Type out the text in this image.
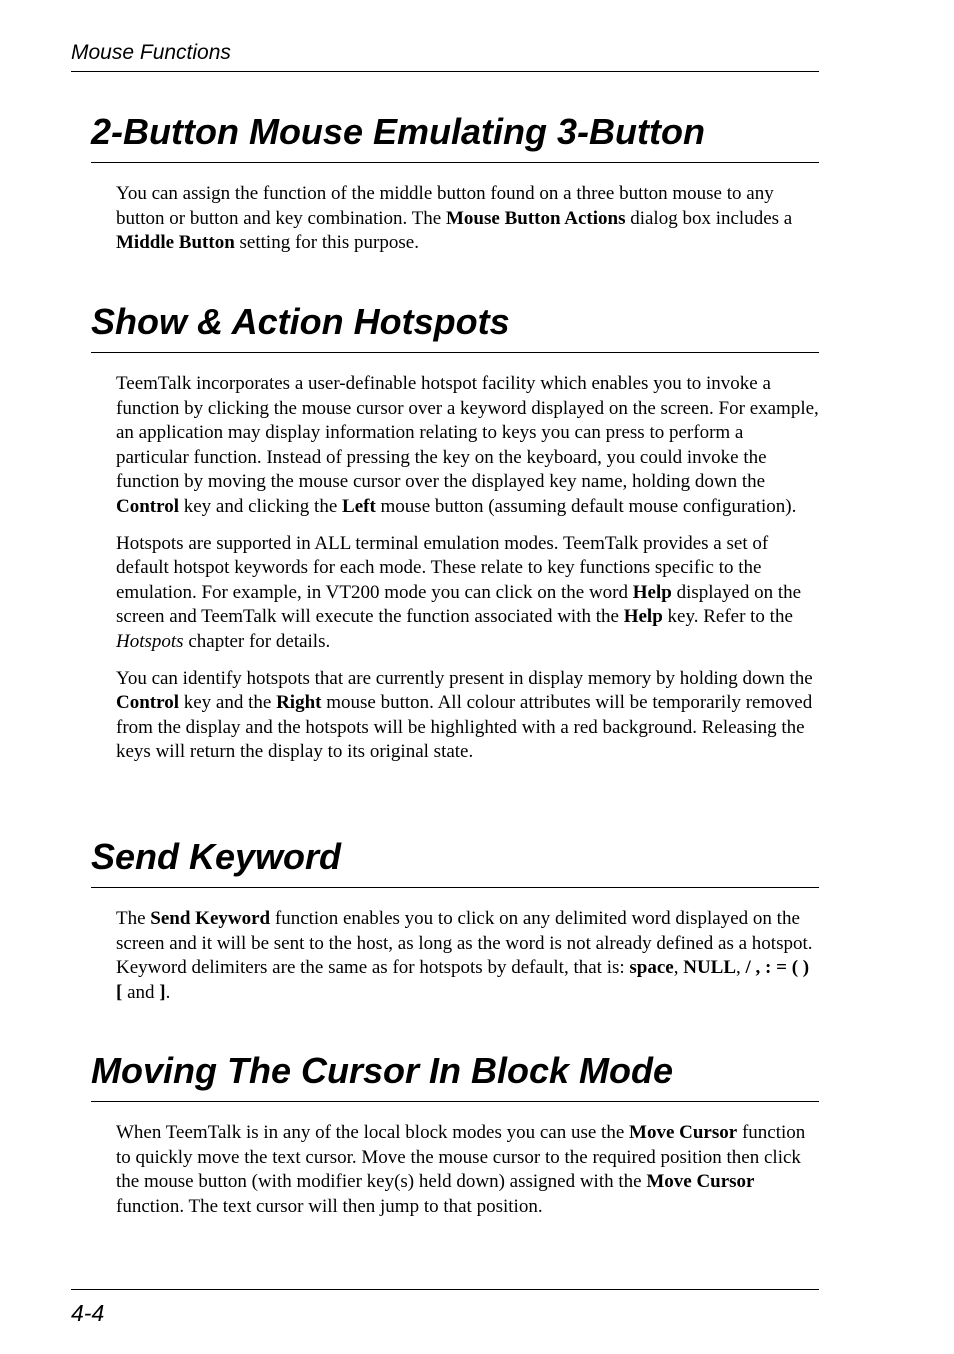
Mouse Functions

2-Button Mouse Emulating 3-Button

You can assign the function of the middle button found on a three button mouse to any button or button and key combination. The Mouse Button Actions dialog box includes a Middle Button setting for this purpose.

Show & Action Hotspots

TeemTalk incorporates a user-definable hotspot facility which enables you to invoke a function by clicking the mouse cursor over a keyword displayed on the screen. For example, an application may display information relating to keys you can press to perform a particular function. Instead of pressing the key on the keyboard, you could invoke the function by moving the mouse cursor over the displayed key name, holding down the Control key and clicking the Left mouse button (assuming default mouse configuration).

Hotspots are supported in ALL terminal emulation modes. TeemTalk provides a set of default hotspot keywords for each mode. These relate to key functions specific to the emulation. For example, in VT200 mode you can click on the word Help displayed on the screen and TeemTalk will execute the function associated with the Help key. Refer to the Hotspots chapter for details.

You can identify hotspots that are currently present in display memory by holding down the Control key and the Right mouse button. All colour attributes will be temporarily removed from the display and the hotspots will be highlighted with a red background. Releasing the keys will return the display to its original state.

Send Keyword

The Send Keyword function enables you to click on any delimited word displayed on the screen and it will be sent to the host, as long as the word is not already defined as a hotspot. Keyword delimiters are the same as for hotspots by default, that is: space, NULL, / , : = ( ) [ and ].

Moving The Cursor In Block Mode

When TeemTalk is in any of the local block modes you can use the Move Cursor function to quickly move the text cursor. Move the mouse cursor to the required position then click the mouse button (with modifier key(s) held down) assigned with the Move Cursor function. The text cursor will then jump to that position.

4-4
